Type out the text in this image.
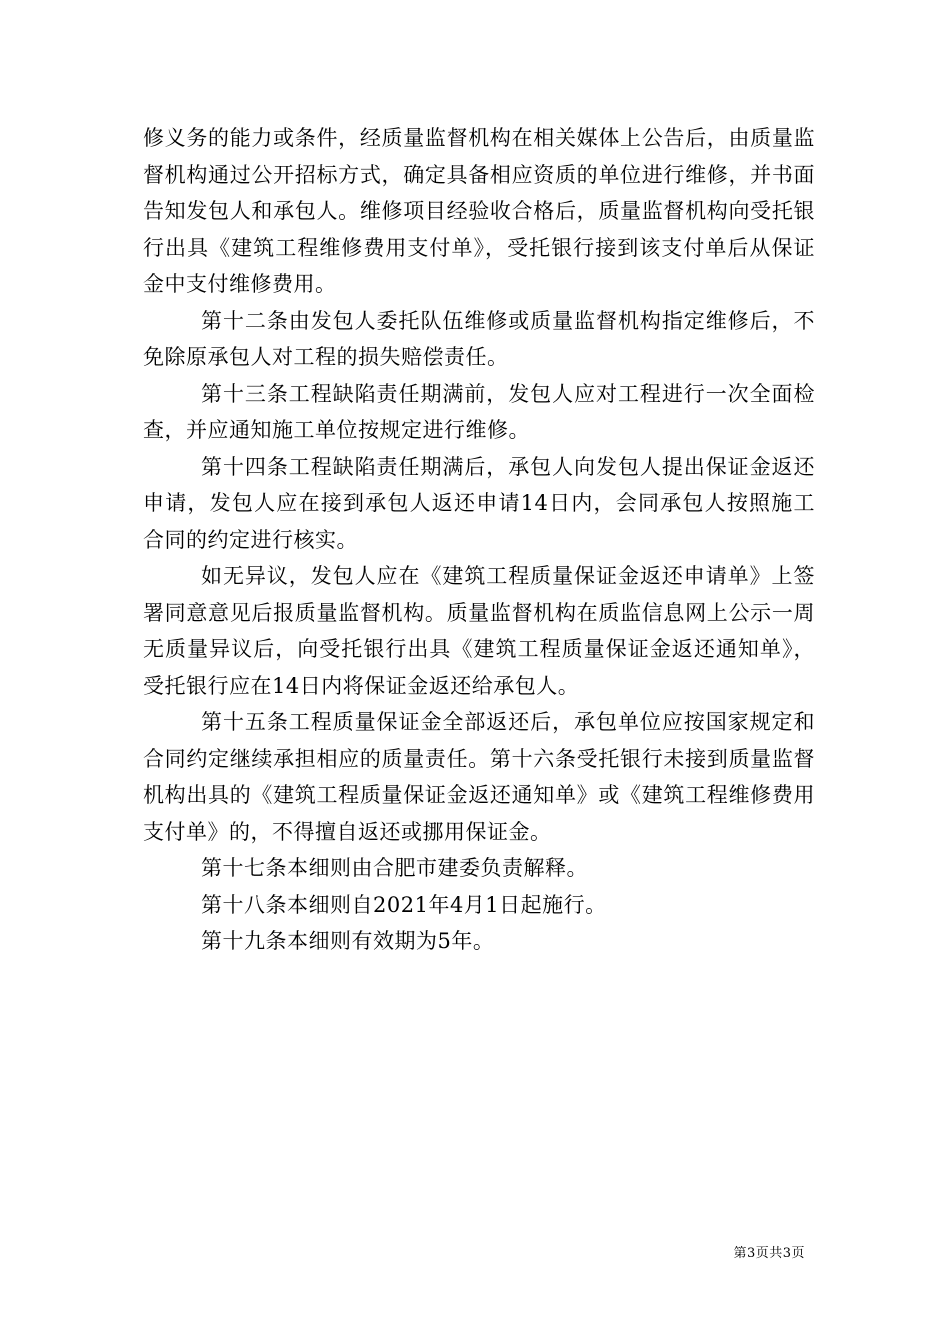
修义务的能力或条件，经质量监督机构在相关媒体上公告后，由质量监督机构通过公开招标方式，确定具备相应资质的单位进行维修，并书面告知发包人和承包人。维修项目经验收合格后，质量监督机构向受托银行出具《建筑工程维修费用支付单》，受托银行接到该支付单后从保证金中支付维修费用。

第十二条由发包人委托队伍维修或质量监督机构指定维修后，不免除原承包人对工程的损失赔偿责任。

第十三条工程缺陷责任期满前，发包人应对工程进行一次全面检查，并应通知施工单位按规定进行维修。

第十四条工程缺陷责任期满后，承包人向发包人提出保证金返还申请，发包人应在接到承包人返还申请14日内，会同承包人按照施工合同的约定进行核实。

如无异议，发包人应在《建筑工程质量保证金返还申请单》上签署同意意见后报质量监督机构。质量监督机构在质监信息网上公示一周无质量异议后，向受托银行出具《建筑工程质量保证金返还通知单》，受托银行应在14日内将保证金返还给承包人。

第十五条工程质量保证金全部返还后，承包单位应按国家规定和合同约定继续承担相应的质量责任。第十六条受托银行未接到质量监督机构出具的《建筑工程质量保证金返还通知单》或《建筑工程维修费用支付单》的，不得擅自返还或挪用保证金。

第十七条本细则由合肥市建委负责解释。

第十八条本细则自2021年4月1日起施行。

第十九条本细则有效期为5年。

第3页共3页
